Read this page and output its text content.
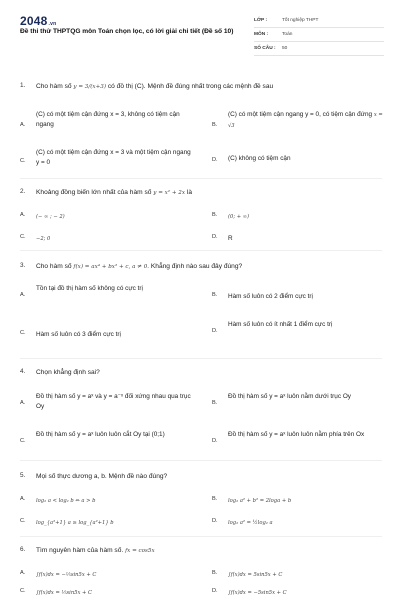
2048.vn
Đề thi thử THPTQG môn Toán chọn lọc, có lời giải chi tiết (Đề số 10)
LỚP :	Tốt nghiệp THPT
MÔN :	Toán
SỐ CÂU : 50
1. Cho hàm số y = 3/(x+3) có đồ thị (C). Mệnh đề đúng nhất trong các mệnh đề sau
A.
(C) có một tiệm cận đứng x = 3, không có tiệm cận ngang	B.
(C) có một tiệm cận ngang y = 0, có tiệm cận đứng x = √3
C.
(C) có một tiệm cận đứng x = 3 và một tiệm cận ngang y = 0	D. (C) không có tiệm cận
2. Khoảng đồng biến lớn nhất của hàm số y = x² + 2x là
A. (− ∞ ; − 2)	B. (0; + ∞)
C. −2; 0	D. R
3. Cho hàm số f(x) = ax⁴ + bx² + c, a ≠ 0. Khẳng định nào sau đây đúng?
A.
Tồn tại đồ thị hàm số không có cực trị
B. Hàm số luôn có 2 điểm cực trị
C. Hàm số luôn có 3 điểm cực trị	D.
Hàm số luôn có ít nhất 1 điểm cực trị
4. Chọn khẳng định sai?
A.
Đồ thị hàm số y = aˣ và y = a⁻ˣ đối xứng nhau qua trục Oy	B.
Đồ thị hàm số y = aˣ luôn nằm dưới trục Oy
C.
Đồ thị hàm số y = aˣ luôn luôn cắt Oy tại (0;1)
D.
Đồ thị hàm số y = aˣ luôn luôn nằm phía trên Ox
5. Mọi số thực dương a, b. Mệnh đề nào đúng?
A. log₂ a < log₂ b ⇔ a > b	B. log₂ a² + b² = 2loga + b
C. log_{a²+1} a ≥ log_{a²+1} b	D. log₂ a² = ½log₂ a
6. Tìm nguyên hàm của hàm số. fx = cos5x
A. ∫f(x)dx = −⅕sin5x + C	B. ∫f(x)dx = 5sin5x + C
C. ∫f(x)dx = ⅕sin5x + C	D. ∫f(x)dx = −5sin5x + C
